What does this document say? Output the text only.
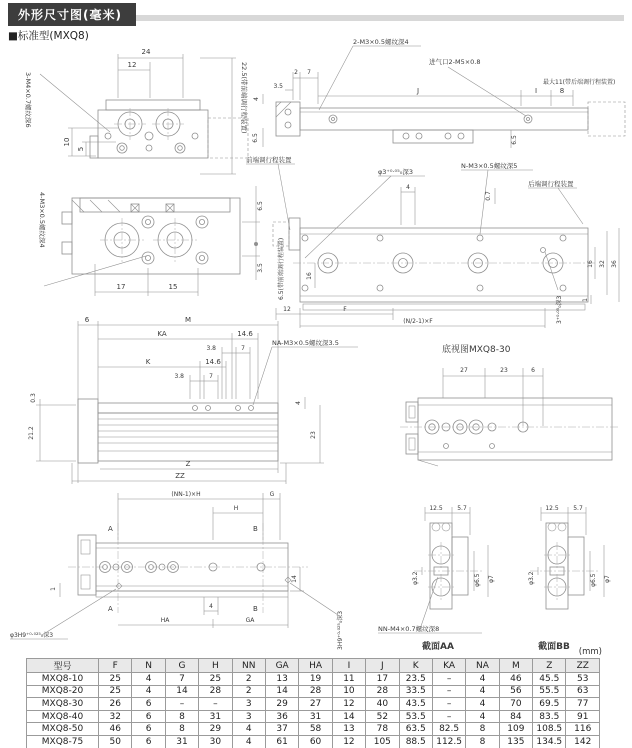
外形尺寸图(毫米)
■标准型(MXQ8)
24
12
10
5
3-M4×0.7螺纹深6	22.5(带前端调行程装置)
2-M3×0.5螺纹深4
进气口2-M5×0.8
2 7
3.5
J	I	8
最大11(带后端调行程装置)
6.5
4
6.5
前端调行程装置
φ3⁺⁰·⁰⁵₀深3
N-M3×0.5螺纹深5
后端调行程装置
4
0.7
6.5(带前端调行程装置)	16
16 32 36
1
12	F
(N/2-1)×F	3⁺⁰·⁰⁵₀深3
4-M3×0.5螺纹深4
17	15
6.5
3.5
6	M
KA	14.6
3.8	7
K	14.6
3.8	7
0.3
21.2
4
23
NA-M3×0.5螺纹深3.5
Z
ZZ
底视图MXQ8-30
27	23	6
(NN-1)×H	G
H
A
A
B
B
14
1
4
HA	GA
φ3H9⁺⁰·⁰²⁵₀深3	3H9⁺⁰·⁰²⁵₀深3
12.5 5.7
φ3.2	φ6.5 φ7
NN-M4×0.7螺纹深8
截面AA
12.5 5.7
φ3.2	φ6.5 φ7
截面BB (mm)
型号	F	N	G	H	NN	GA	HA	I	J	K	KA	NA	M	Z	ZZ
MXQ8-10	25	4	7	25	2	13	19	11	17	23.5	–	4	46	45.5	53
MXQ8-20	25	4	14	28	2	14	28	10	28	33.5	–	4	56	55.5	63
MXQ8-30	26	6	–	–	3	29	27	12	40	43.5	–	4	70	69.5	77
MXQ8-40	32	6	8	31	3	36	31	14	52	53.5	–	4	84	83.5	91
MXQ8-50	46	6	8	29	4	37	58	13	78	63.5	82.5	8	109	108.5	116
MXQ8-75	50	6	31	30	4	61	60	12	105	88.5	112.5	8	135	134.5	142
